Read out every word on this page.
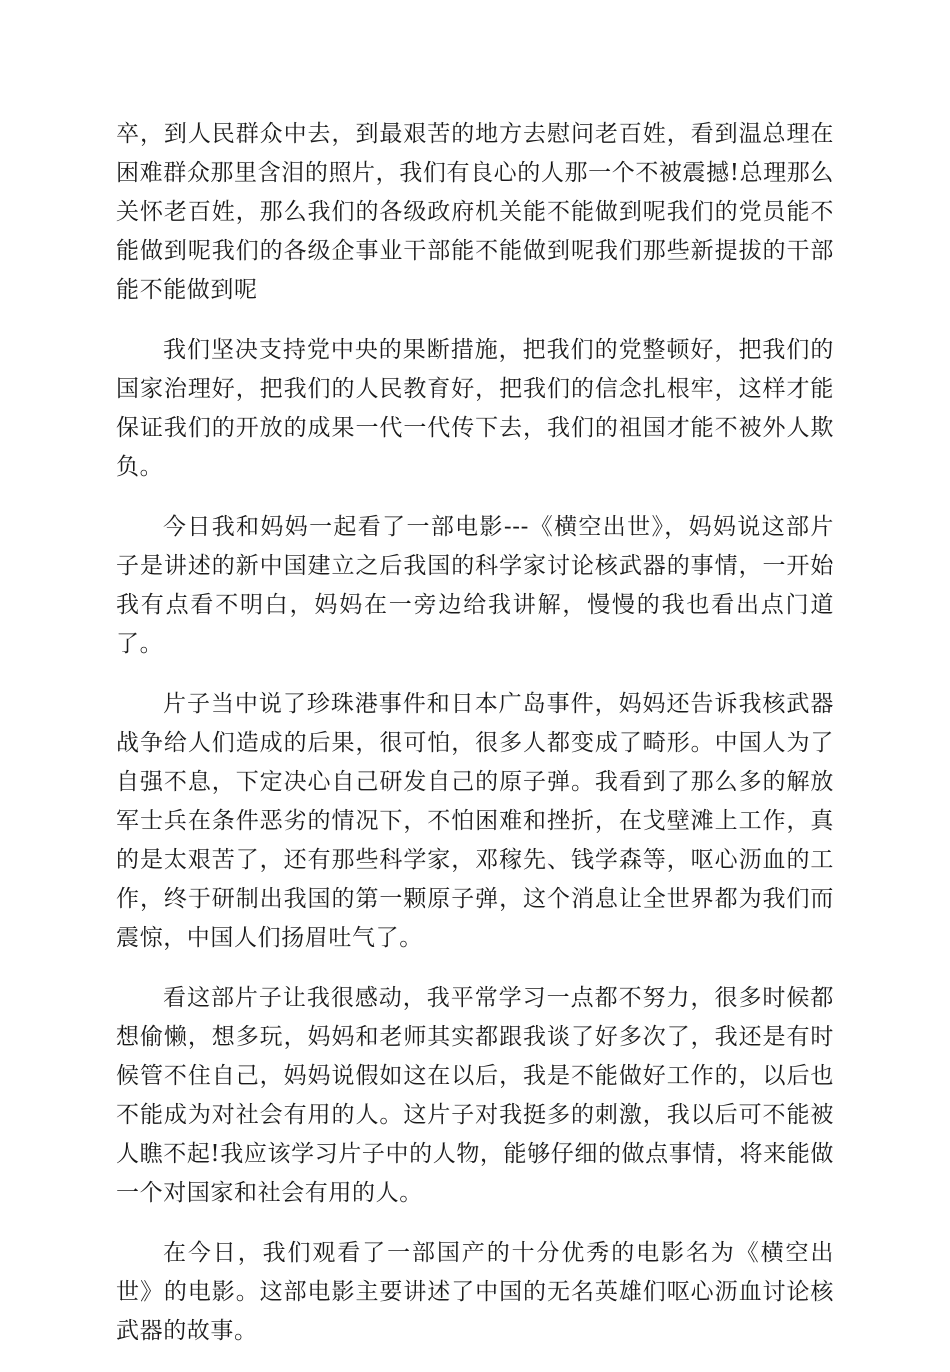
卒，到人民群众中去，到最艰苦的地方去慰问老百姓，看到温总理在困难群众那里含泪的照片，我们有良心的人那一个不被震撼!总理那么关怀老百姓，那么我们的各级政府机关能不能做到呢我们的党员能不能做到呢我们的各级企事业干部能不能做到呢我们那些新提拔的干部能不能做到呢

我们坚决支持党中央的果断措施，把我们的党整顿好，把我们的国家治理好，把我们的人民教育好，把我们的信念扎根牢，这样才能保证我们的开放的成果一代一代传下去，我们的祖国才能不被外人欺负。

今日我和妈妈一起看了一部电影---《横空出世》，妈妈说这部片子是讲述的新中国建立之后我国的科学家讨论核武器的事情，一开始我有点看不明白，妈妈在一旁边给我讲解，慢慢的我也看出点门道了。

片子当中说了珍珠港事件和日本广岛事件，妈妈还告诉我核武器战争给人们造成的后果，很可怕，很多人都变成了畸形。中国人为了自强不息，下定决心自己研发自己的原子弹。我看到了那么多的解放军士兵在条件恶劣的情况下，不怕困难和挫折，在戈壁滩上工作，真的是太艰苦了，还有那些科学家，邓稼先、钱学森等，呕心沥血的工作，终于研制出我国的第一颗原子弹，这个消息让全世界都为我们而震惊，中国人们扬眉吐气了。

看这部片子让我很感动，我平常学习一点都不努力，很多时候都想偷懒，想多玩，妈妈和老师其实都跟我谈了好多次了，我还是有时候管不住自己，妈妈说假如这在以后，我是不能做好工作的，以后也不能成为对社会有用的人。这片子对我挺多的刺激，我以后可不能被人瞧不起!我应该学习片子中的人物，能够仔细的做点事情，将来能做一个对国家和社会有用的人。

在今日，我们观看了一部国产的十分优秀的电影名为《横空出世》的电影。这部电影主要讲述了中国的无名英雄们呕心沥血讨论核武器的故事。
